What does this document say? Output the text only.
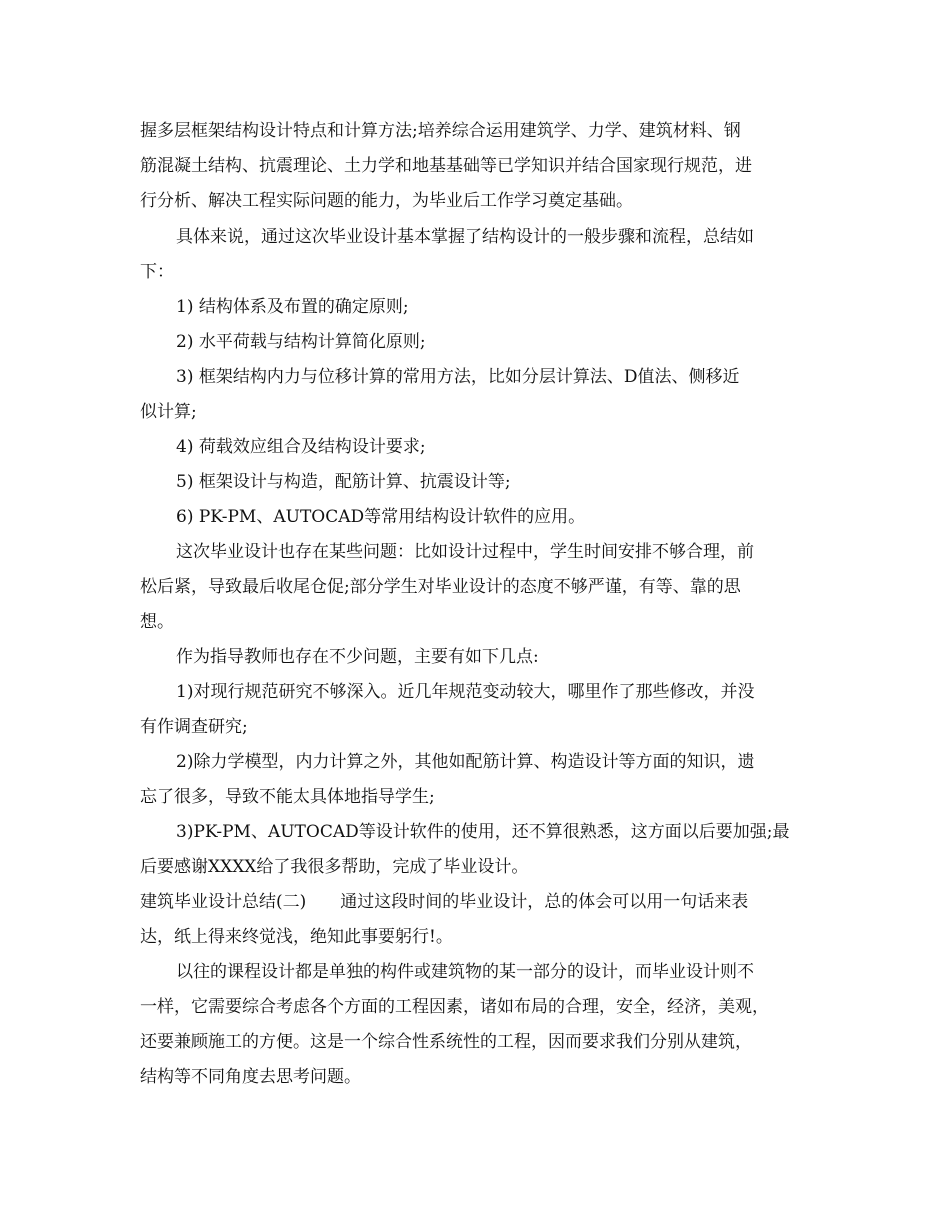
握多层框架结构设计特点和计算方法;培养综合运用建筑学、力学、建筑材料、钢
筋混凝土结构、抗震理论、土力学和地基基础等已学知识并结合国家现行规范，进
行分析、解决工程实际问题的能力，为毕业后工作学习奠定基础。
具体来说，通过这次毕业设计基本掌握了结构设计的一般步骤和流程，总结如
下：
1) 结构体系及布置的确定原则;
2) 水平荷载与结构计算简化原则;
3) 框架结构内力与位移计算的常用方法，比如分层计算法、D值法、侧移近
似计算;
4) 荷载效应组合及结构设计要求;
5) 框架设计与构造，配筋计算、抗震设计等;
6) PK-PM、AUTOCAD等常用结构设计软件的应用。
这次毕业设计也存在某些问题：比如设计过程中，学生时间安排不够合理，前
松后紧，导致最后收尾仓促;部分学生对毕业设计的态度不够严谨，有等、靠的思
想。
作为指导教师也存在不少问题，主要有如下几点:
1)对现行规范研究不够深入。近几年规范变动较大，哪里作了那些修改，并没
有作调查研究;
2)除力学模型，内力计算之外，其他如配筋计算、构造设计等方面的知识，遗
忘了很多，导致不能太具体地指导学生;
3)PK-PM、AUTOCAD等设计软件的使用，还不算很熟悉，这方面以后要加强;最
后要感谢XXXX给了我很多帮助，完成了毕业设计。
建筑毕业设计总结(二)　　通过这段时间的毕业设计，总的体会可以用一句话来表
达，纸上得来终觉浅，绝知此事要躬行!。
以往的课程设计都是单独的构件或建筑物的某一部分的设计，而毕业设计则不
一样，它需要综合考虑各个方面的工程因素，诸如布局的合理，安全，经济，美观，
还要兼顾施工的方便。这是一个综合性系统性的工程，因而要求我们分别从建筑，
结构等不同角度去思考问题。
